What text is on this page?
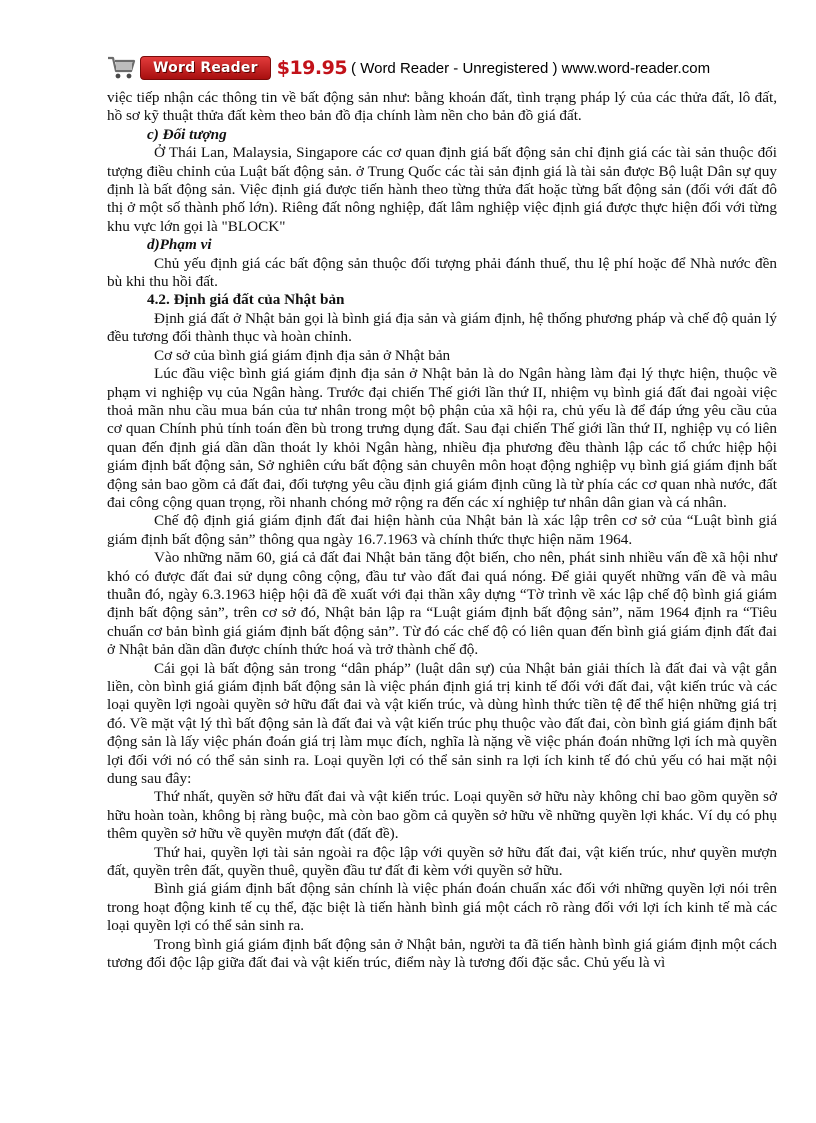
Word Reader	$19.95 ( Word Reader - Unregistered ) www.word-reader.com

việc tiếp nhận các thông tin về bất động sản như: bằng khoán đất, tình trạng pháp lý của các thửa đất, lô đất, hồ sơ kỹ thuật thửa đất kèm theo bản đồ địa chính làm nền cho bản đồ giá đất.

c) Đối tượng

Ở Thái Lan, Malaysia, Singapore các cơ quan định giá bất động sản chỉ định giá các tài sản thuộc đối tượng điều chỉnh của Luật bất động sản. ở Trung Quốc các tài sản định giá là tài sản được Bộ luật Dân sự quy định là bất động sản. Việc định giá được tiến hành theo từng thửa đất hoặc từng bất động sản (đối với đất đô thị ở một số thành phố lớn). Riêng đất nông nghiệp, đất lâm nghiệp việc định giá được thực hiện đối với từng khu vực lớn gọi là "BLOCK"

d)Phạm vi

Chủ yếu định giá các bất động sản thuộc đối tượng phải đánh thuế, thu lệ phí hoặc để Nhà nước đền bù khi thu hồi đất.

4.2. Định giá đất của Nhật bản

Định giá đất ở Nhật bản gọi là bình giá địa sản và giám định, hệ thống phương pháp và chế độ quản lý đều tương đối thành thục và hoàn chỉnh.

Cơ sở của bình giá giám định địa sản ở Nhật bản

Lúc đầu việc bình giá giám định địa sản ở Nhật bản là do Ngân hàng làm đại lý thực hiện, thuộc về phạm vi nghiệp vụ của Ngân hàng. Trước đại chiến Thế giới lần thứ II, nhiệm vụ bình giá đất đai ngoài việc thoả mãn nhu cầu mua bán của tư nhân trong một bộ phận của xã hội ra, chủ yếu là để đáp ứng yêu cầu của cơ quan Chính phủ tính toán đền bù trong trưng dụng đất. Sau đại chiến Thế giới lần thứ II, nghiệp vụ có liên quan đến định giá dần dần thoát ly khỏi Ngân hàng, nhiều địa phương đều thành lập các tổ chức hiệp hội giám định bất động sản, Sở nghiên cứu bất động sản chuyên môn hoạt động nghiệp vụ bình giá giám định bất động sản bao gồm cả đất đai, đối tượng yêu cầu định giá giám định cũng là từ phía các cơ quan nhà nước, đất đai công cộng quan trọng, rồi nhanh chóng mở rộng ra đến các xí nghiệp tư nhân dân gian và cá nhân.

Chế độ định giá giám định đất đai hiện hành của Nhật bản là xác lập trên cơ sở của “Luật bình giá giám định bất động sản” thông qua ngày 16.7.1963 và chính thức thực hiện năm 1964.

Vào những năm 60, giá cả đất đai Nhật bản tăng đột biến, cho nên, phát sinh nhiều vấn đề xã hội như khó có được đất đai sử dụng công cộng, đầu tư vào đất đai quá nóng. Để giải quyết những vấn đề và mâu thuẫn đó, ngày 6.3.1963 hiệp hội đã đề xuất với đại thần xây dựng “Tờ trình về xác lập chế độ bình giá giám định bất động sản”, trên cơ sở đó, Nhật bản lập ra “Luật giám định bất động sản”, năm 1964 định ra “Tiêu chuẩn cơ bản bình giá giám định bất động sản”. Từ đó các chế độ có liên quan đến bình giá giám định đất đai ở Nhật bản dần dần được chính thức hoá và trở thành chế độ.

Cái gọi là bất động sản trong “dân pháp” (luật dân sự) của Nhật bản giải thích là đất đai và vật gắn liền, còn bình giá giám định bất động sản là việc phán định giá trị kinh tế đối với đất đai, vật kiến trúc và các loại quyền lợi ngoài quyền sở hữu đất đai và vật kiến trúc, và dùng hình thức tiền tệ để thể hiện những giá trị đó. Về mặt vật lý thì bất động sản là đất đai và vật kiến trúc phụ thuộc vào đất đai, còn bình giá giám định bất động sản là lấy việc phán đoán giá trị làm mục đích, nghĩa là nặng về việc phán đoán những lợi ích mà quyền lợi đối với nó có thể sản sinh ra. Loại quyền lợi có thể sản sinh ra lợi ích kinh tế đó chủ yếu có hai mặt nội dung sau đây:

Thứ nhất, quyền sở hữu đất đai và vật kiến trúc. Loại quyền sở hữu này không chỉ bao gồm quyền sở hữu hoàn toàn, không bị ràng buộc, mà còn bao gồm cả quyền sở hữu về những quyền lợi khác. Ví dụ có phụ thêm quyền sở hữu về quyền mượn đất (đất đề).

Thứ hai, quyền lợi tài sản ngoài ra độc lập với quyền sở hữu đất đai, vật kiến trúc, như quyền mượn đất, quyền trên đất, quyền thuê, quyền đầu tư đất đi kèm với quyền sở hữu.

Bình giá giám định bất động sản chính là việc phán đoán chuẩn xác đối với những quyền lợi nói trên trong hoạt động kinh tế cụ thể, đặc biệt là tiến hành bình giá một cách rõ ràng đối với lợi ích kinh tế mà các loại quyền lợi có thể sản sinh ra.

Trong bình giá giám định bất động sản ở Nhật bản, người ta đã tiến hành bình giá giám định một cách tương đối độc lập giữa đất đai và vật kiến trúc, điểm này là tương đối đặc sắc. Chủ yếu là vì
